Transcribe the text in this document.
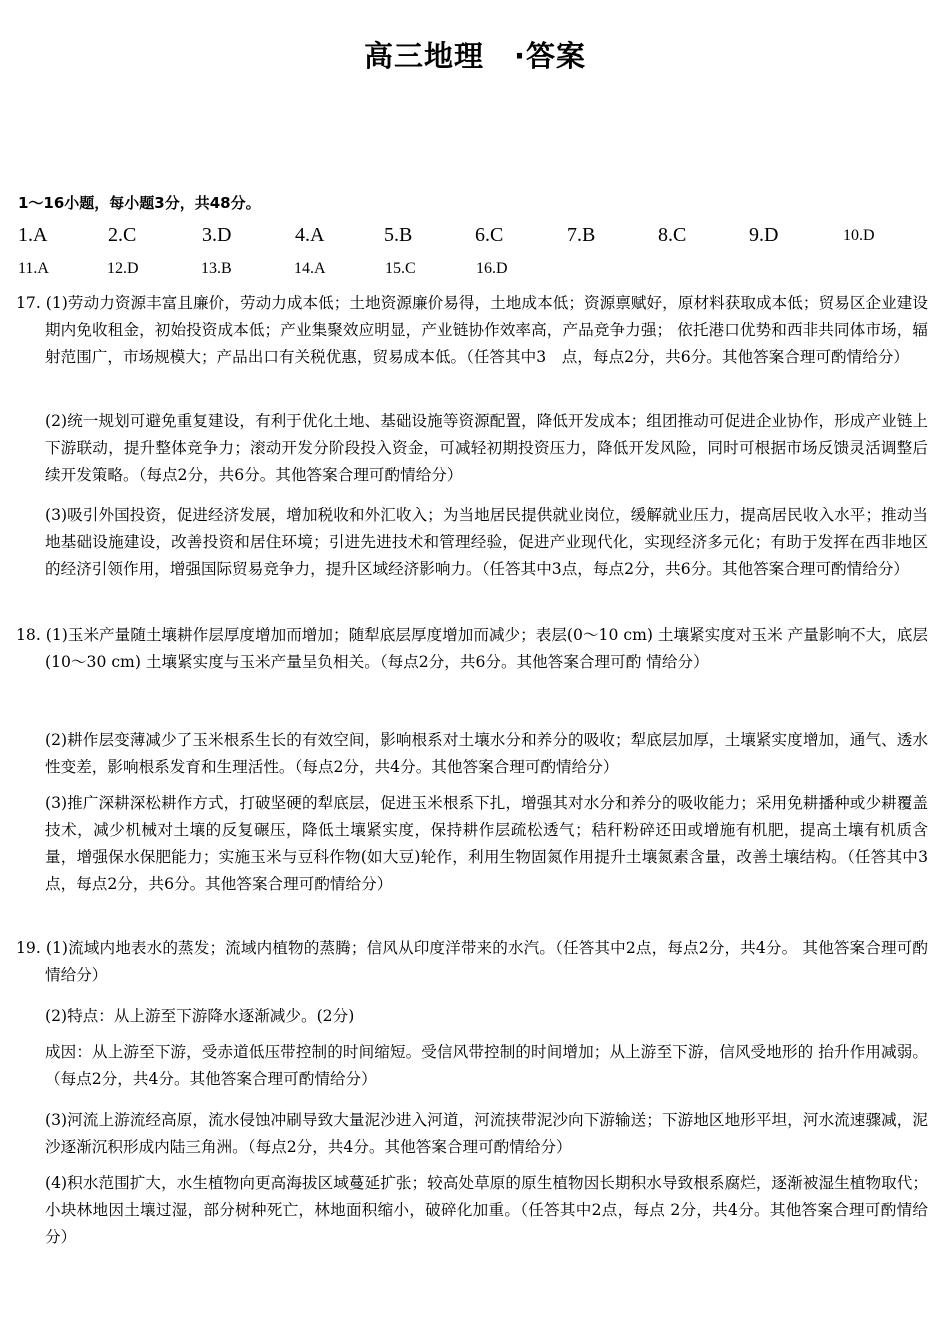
高三地理　·答案
1～16小题，每小题3分，共48分。
1.A	2.C	3.D	4.A	5.B	6.C	7.B	8.C	9.D	10.D
11.A	12.D	13.B	14.A	15.C	16.D
17. (1)劳动力资源丰富且廉价，劳动力成本低；土地资源廉价易得，土地成本低；资源禀赋好，原材料获取成本低；贸易区企业建设期内免收租金，初始投资成本低；产业集聚效应明显，产业链协作效率高，产品竞争力强； 依托港口优势和西非共同体市场，辐射范围广，市场规模大；产品出口有关税优惠，贸易成本低。（任答其中3　点，每点2分，共6分。其他答案合理可酌情给分）
(2)统一规划可避免重复建设，有利于优化土地、基础设施等资源配置，降低开发成本；组团推动可促进企业协作，形成产业链上下游联动，提升整体竞争力；滚动开发分阶段投入资金，可减轻初期投资压力，降低开发风险，同时可根据市场反馈灵活调整后续开发策略。（每点2分，共6分。其他答案合理可酌情给分）
(3)吸引外国投资，促进经济发展，增加税收和外汇收入；为当地居民提供就业岗位，缓解就业压力，提高居民收入水平；推动当地基础设施建设，改善投资和居住环境；引进先进技术和管理经验，促进产业现代化，实现经济多元化；有助于发挥在西非地区的经济引领作用，增强国际贸易竞争力，提升区域经济影响力。（任答其中3点，每点2分，共6分。其他答案合理可酌情给分）
18. (1)玉米产量随土壤耕作层厚度增加而增加；随犁底层厚度增加而减少；表层(0～10 cm) 土壤紧实度对玉米 产量影响不大，底层(10～30 cm) 土壤紧实度与玉米产量呈负相关。（每点2分，共6分。其他答案合理可酌 情给分）
(2)耕作层变薄减少了玉米根系生长的有效空间，影响根系对土壤水分和养分的吸收；犁底层加厚，土壤紧实度增加，通气、透水性变差，影响根系发育和生理活性。（每点2分，共4分。其他答案合理可酌情给分）
(3)推广深耕深松耕作方式，打破坚硬的犁底层，促进玉米根系下扎，增强其对水分和养分的吸收能力；采用免耕播种或少耕覆盖技术，减少机械对土壤的反复碾压，降低土壤紧实度，保持耕作层疏松透气；秸秆粉碎还田或增施有机肥，提高土壤有机质含量，增强保水保肥能力；实施玉米与豆科作物(如大豆)轮作，利用生物固氮作用提升土壤氮素含量，改善土壤结构。（任答其中3点，每点2分，共6分。其他答案合理可酌情给分）
19. (1)流域内地表水的蒸发；流域内植物的蒸腾；信风从印度洋带来的水汽。（任答其中2点，每点2分，共4分。 其他答案合理可酌情给分）
(2)特点：从上游至下游降水逐渐减少。(2分)
成因：从上游至下游，受赤道低压带控制的时间缩短。受信风带控制的时间增加；从上游至下游，信风受地形的 抬升作用减弱。（每点2分，共4分。其他答案合理可酌情给分）
(3)河流上游流经高原，流水侵蚀冲刷导致大量泥沙进入河道，河流挟带泥沙向下游输送；下游地区地形平坦，河水流速骤减，泥沙逐渐沉积形成内陆三角洲。（每点2分，共4分。其他答案合理可酌情给分）
(4)积水范围扩大，水生植物向更高海拔区域蔓延扩张；较高处草原的原生植物因长期积水导致根系腐烂，逐渐被湿生植物取代；小块林地因土壤过湿，部分树种死亡，林地面积缩小，破碎化加重。（任答其中2点，每点 2分，共4分。其他答案合理可酌情给分）
